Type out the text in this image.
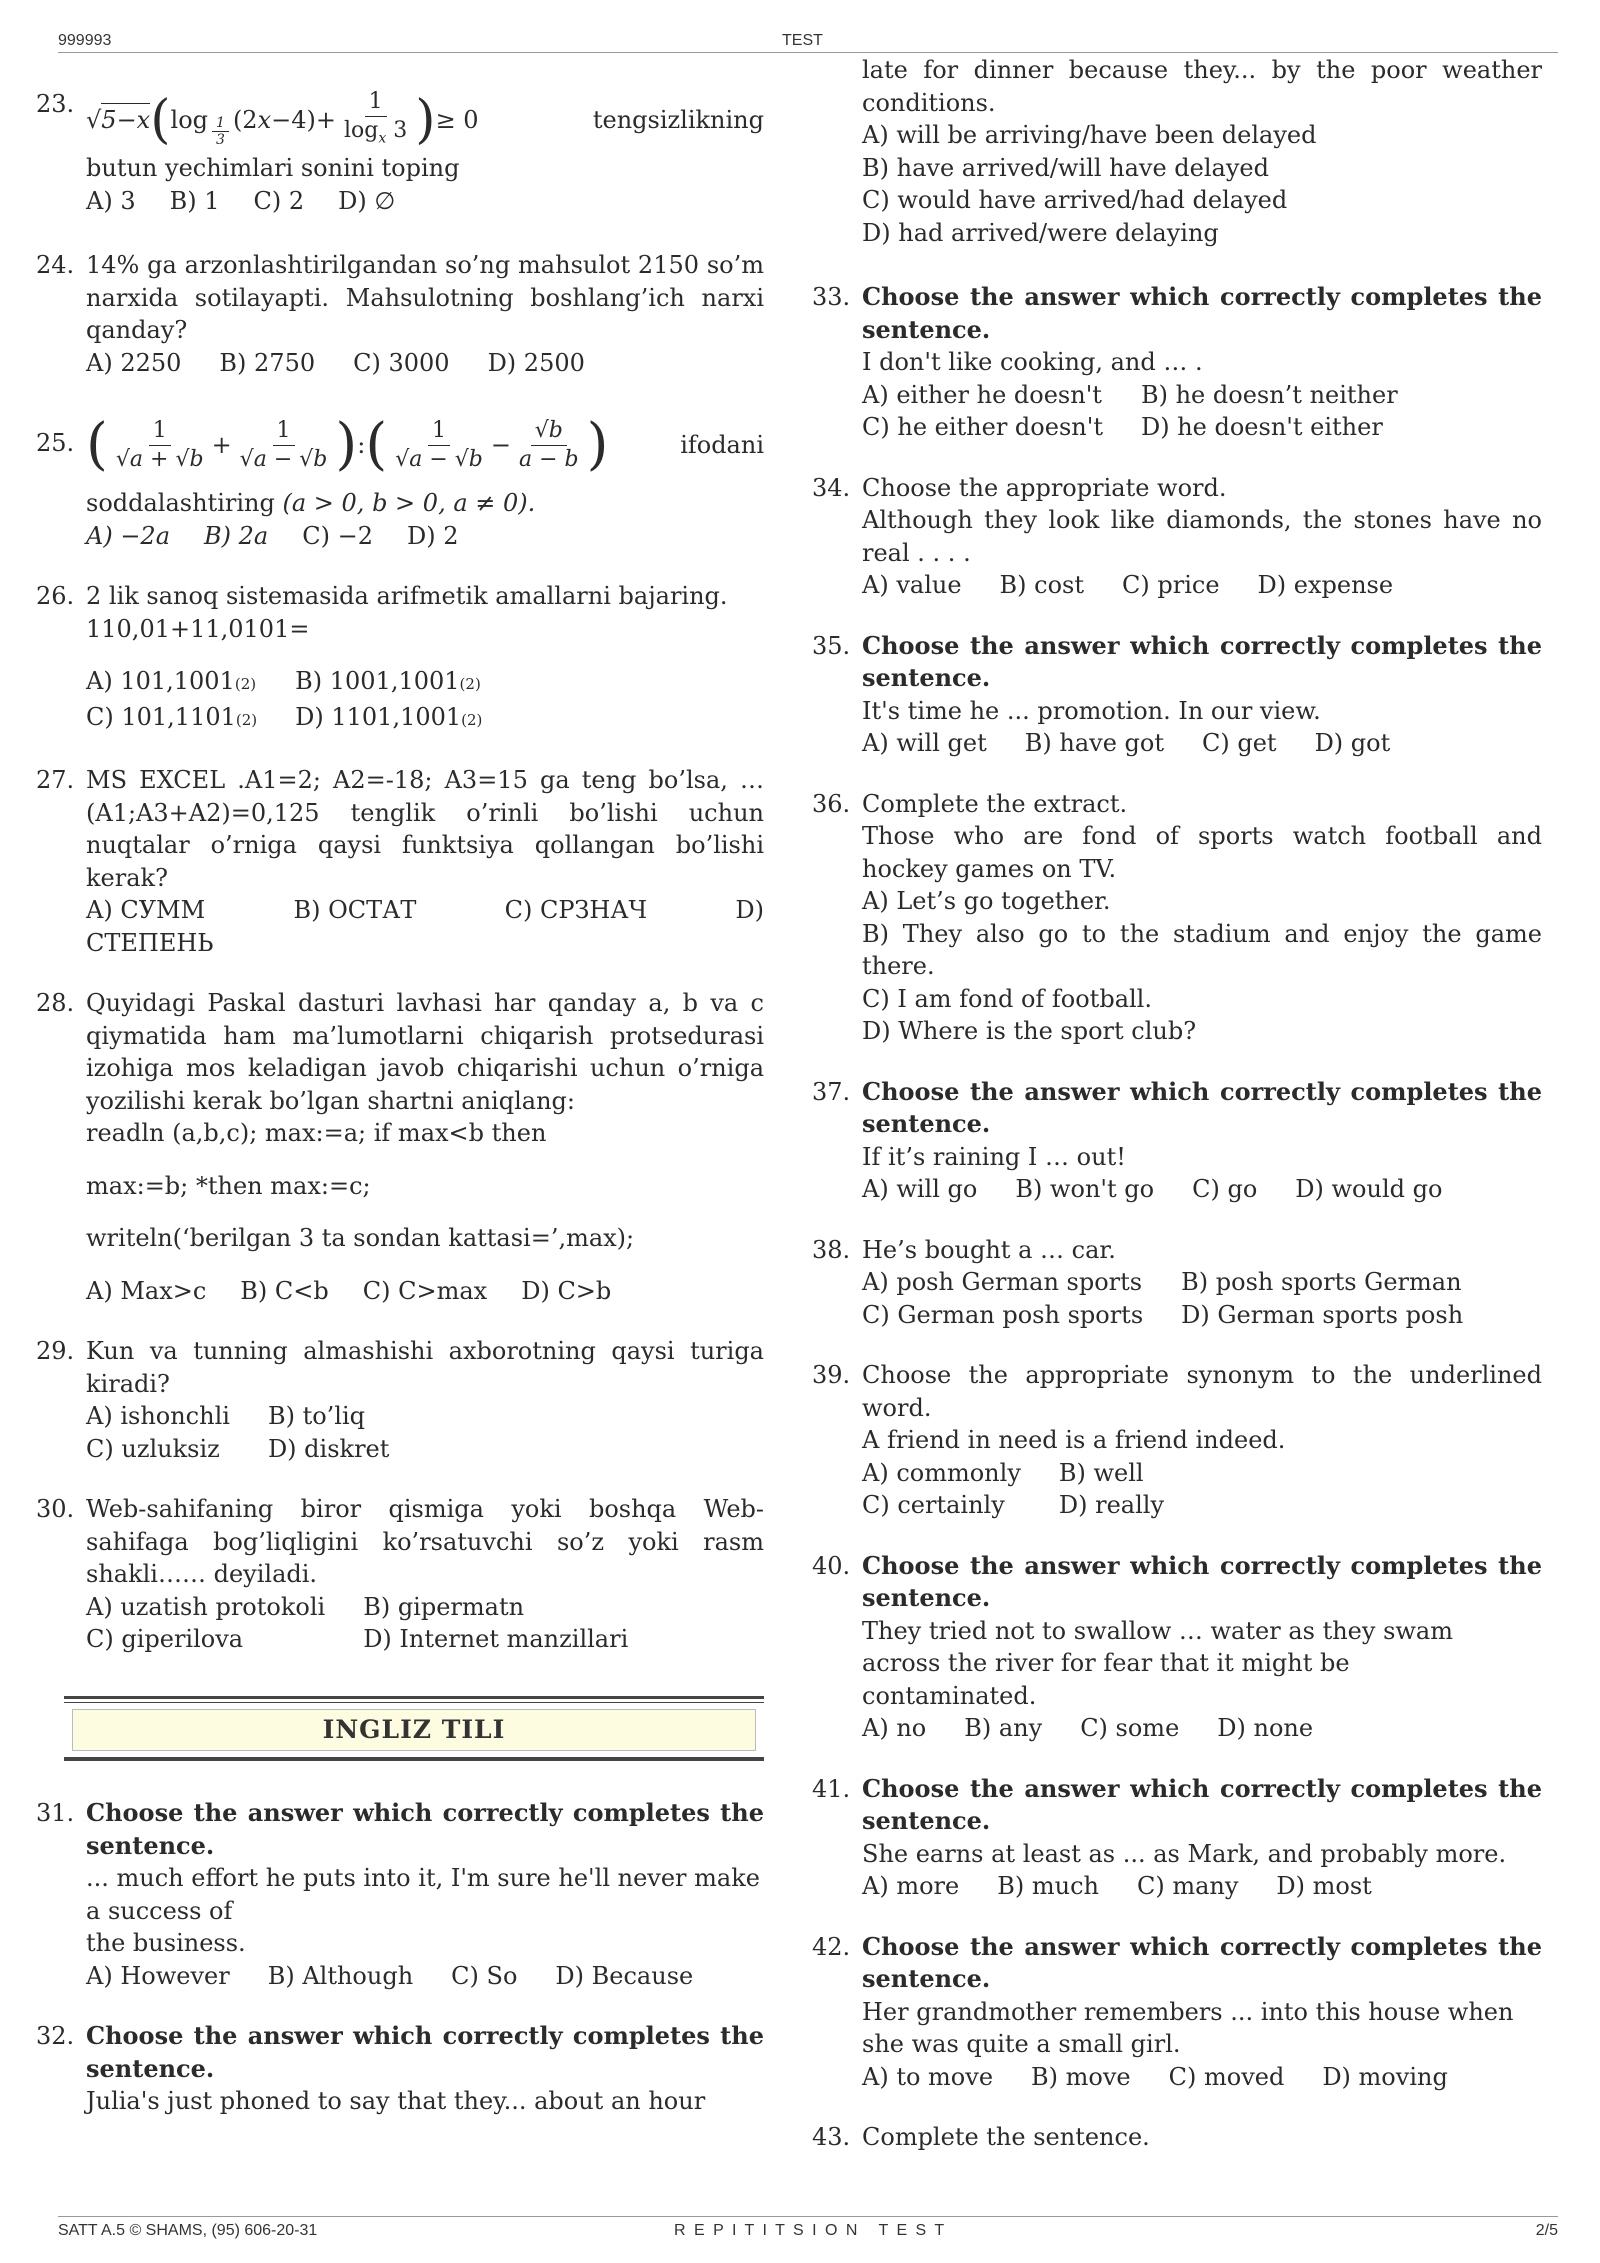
999993	TEST
23.
√ 5−x ( $\log \frac{1}{3} (2$ $x -4)+ \frac{1}{\log_x 3}$ ) ≥ 0	tengsizlikning

butun yechimlari sonini toping

A) 3 B) 1 C) 2 D) ∅
24. 14% ga arzonlashtirilgandan so’ng mahsulot 2150 so’m narxida sotilayapti. Mahsulotning boshlang’ich narxi qanday?

A) 2250 B) 2750 C) 3000 D) 2500
25. ( $\frac{1}{√a + √b} + \frac{1}{√a - √b}$ ) : ( $\frac{1}{√a - √b} - \frac{√b}{a - b}$ )	ifodani

soddalashtiring (a > 0, b > 0, a ≠ 0).

A) −2a B) 2a C) −2 D) 2
26. 2 lik sanoq sistemasida arifmetik amallarni bajaring.

110,01+11,0101=

A) 101,1001(2) B) 1001,1001(2)
C) 101,1101(2) D) 1101,1001(2)
27. MS EXCEL .A1=2; A2=-18; A3=15 ga teng bo’lsa, …(A1;A3+A2)=0,125 tenglik o’rinli bo’lishi uchun nuqtalar o’rniga qaysi funktsiya qollangan bo’lishi kerak?

A) СУММ	B) ОСТАТ	C) СРЗНАЧ	D)

СТЕПЕНЬ

28. Quyidagi Paskal dasturi lavhasi har qanday a, b va c qiymatida ham ma’lumotlarni chiqarish protsedurasi izohiga mos keladigan javob chiqarishi uchun o’rniga yozilishi kerak bo’lgan shartni aniqlang:

readln (a,b,c); max:=a; if max<b then

max:=b; *then max:=c;

writeln(‘berilgan 3 ta sondan kattasi=’,max);

A) Max>c B) C<b C) C>max D) C>b
29. Kun va tunning almashishi axborotning qaysi turiga kiradi?

A) ishonchli B) to’liq
C) uzluksiz	D) diskret
30. Web-sahifaning biror qismiga yoki boshqa Web-sahifaga bog’liqligini ko’rsatuvchi so’z yoki rasm shakli…… deyiladi.

A) uzatish protokoli B) gipermatn
C) giperilova	D) Internet manzillari
INGLIZ TILI
31. Choose the answer which correctly completes the sentence.

... much effort he puts into it, I'm sure he'll never make a success of

the business.

A) However B) Although C) So D) Because
32. Choose the answer which correctly completes the sentence.

Julia's just phoned to say that they... about an hour

late for dinner because they... by the poor weather conditions.

A) will be arriving/have been delayed

B) have arrived/will have delayed

C) would have arrived/had delayed

D) had arrived/were delaying

33. Choose the answer which correctly completes the sentence.

I don't like cooking, and … .

A) either he doesn't B) he doesn’t neither
C) he either doesn't D) he doesn't either
34. Choose the appropriate word.

Although they look like diamonds, the stones have no real . . . .

A) value B) cost C) price D) expense
35. Choose the answer which correctly completes the sentence.

It's time he ... promotion. In our view.

A) will get B) have got C) get D) got
36. Complete the extract.

Those who are fond of sports watch football and hockey games on TV.

A) Let’s go together.

B) They also go to the stadium and enjoy the game there.

C) I am fond of football.

D) Where is the sport club?

37. Choose the answer which correctly completes the sentence.

If it’s raining I … out!

A) will go B) won't go C) go D) would go
38. He’s bought a … car.

A) posh German sports B) posh sports German
C) German posh sports D) German sports posh
39. Choose the appropriate synonym to the underlined word.

A friend in need is a friend indeed.

A) commonly B) well
C) certainly	D) really
40. Choose the answer which correctly completes the sentence.

They tried not to swallow … water as they swam across the river for fear that it might be contaminated.

A) no B) any C) some D) none
41. Choose the answer which correctly completes the sentence.

She earns at least as ... as Mark, and probably more.

A) more B) much C) many D) most
42. Choose the answer which correctly completes the sentence.

Her grandmother remembers ... into this house when she was quite a small girl.

A) to move B) move C) moved D) moving
43. Complete the sentence.

SATT A.5 © SHAMS, (95) 606-20-31	R E P I T I T S I O N   T E S T	2/5
